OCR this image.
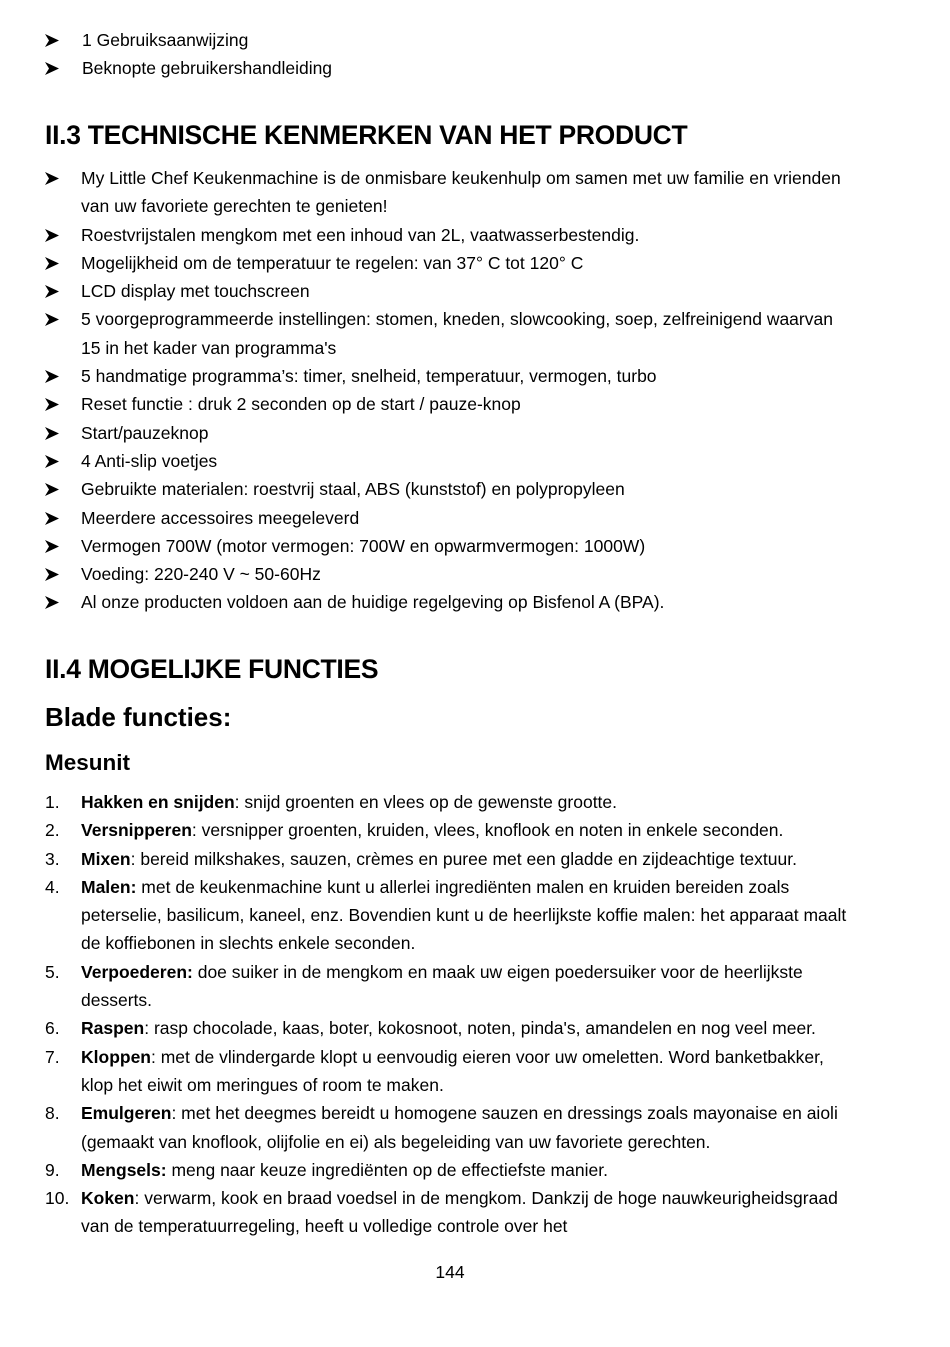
1 Gebruiksaanwijzing
Beknopte gebruikershandleiding
II.3 TECHNISCHE KENMERKEN VAN HET PRODUCT
My Little Chef Keukenmachine is de onmisbare keukenhulp om samen met uw familie en vrienden van uw favoriete gerechten te genieten!
Roestvrijstalen mengkom met een inhoud van 2L, vaatwasserbestendig.
Mogelijkheid om de temperatuur te regelen: van 37° C tot 120° C
LCD display met touchscreen
5 voorgeprogrammeerde instellingen: stomen, kneden, slowcooking, soep, zelfreinigend waarvan 15 in het kader van programma's
5 handmatige programma’s: timer, snelheid, temperatuur, vermogen, turbo
Reset functie : druk 2 seconden op de start / pauze-knop
Start/pauzeknop
4 Anti-slip voetjes
Gebruikte materialen: roestvrij staal, ABS (kunststof) en polypropyleen
Meerdere accessoires meegeleverd
Vermogen 700W (motor vermogen: 700W en opwarmvermogen: 1000W)
Voeding: 220-240 V ~ 50-60Hz
Al onze producten voldoen aan de huidige regelgeving op Bisfenol A (BPA).
II.4 MOGELIJKE FUNCTIES
Blade functies:
Mesunit
1. Hakken en snijden: snijd groenten en vlees op de gewenste grootte.
2. Versnipperen: versnipper groenten, kruiden, vlees, knoflook en noten in enkele seconden.
3. Mixen: bereid milkshakes, sauzen, crèmes en puree met een gladde en zijdeachtige textuur.
4. Malen: met de keukenmachine kunt u allerlei ingrediënten malen en kruiden bereiden zoals peterselie, basilicum, kaneel, enz. Bovendien kunt u de heerlijkste koffie malen: het apparaat maalt de koffiebonen in slechts enkele seconden.
5. Verpoederen: doe suiker in de mengkom en maak uw eigen poedersuiker voor de heerlijkste desserts.
6. Raspen: rasp chocolade, kaas, boter, kokosnoot, noten, pinda's, amandelen en nog veel meer.
7. Kloppen: met de vlindergarde klopt u eenvoudig eieren voor uw omeletten. Word banketbakker, klop het eiwit om meringues of room te maken.
8. Emulgeren: met het deegmes bereidt u homogene sauzen en dressings zoals mayonaise en aioli (gemaakt van knoflook, olijfolie en ei) als begeleiding van uw favoriete gerechten.
9. Mengsels: meng naar keuze ingrediënten op de effectiefste manier.
10. Koken: verwarm, kook en braad voedsel in de mengkom. Dankzij de hoge nauwkeurigheidsgraad van de temperatuurregeling, heeft u volledige controle over het
144
